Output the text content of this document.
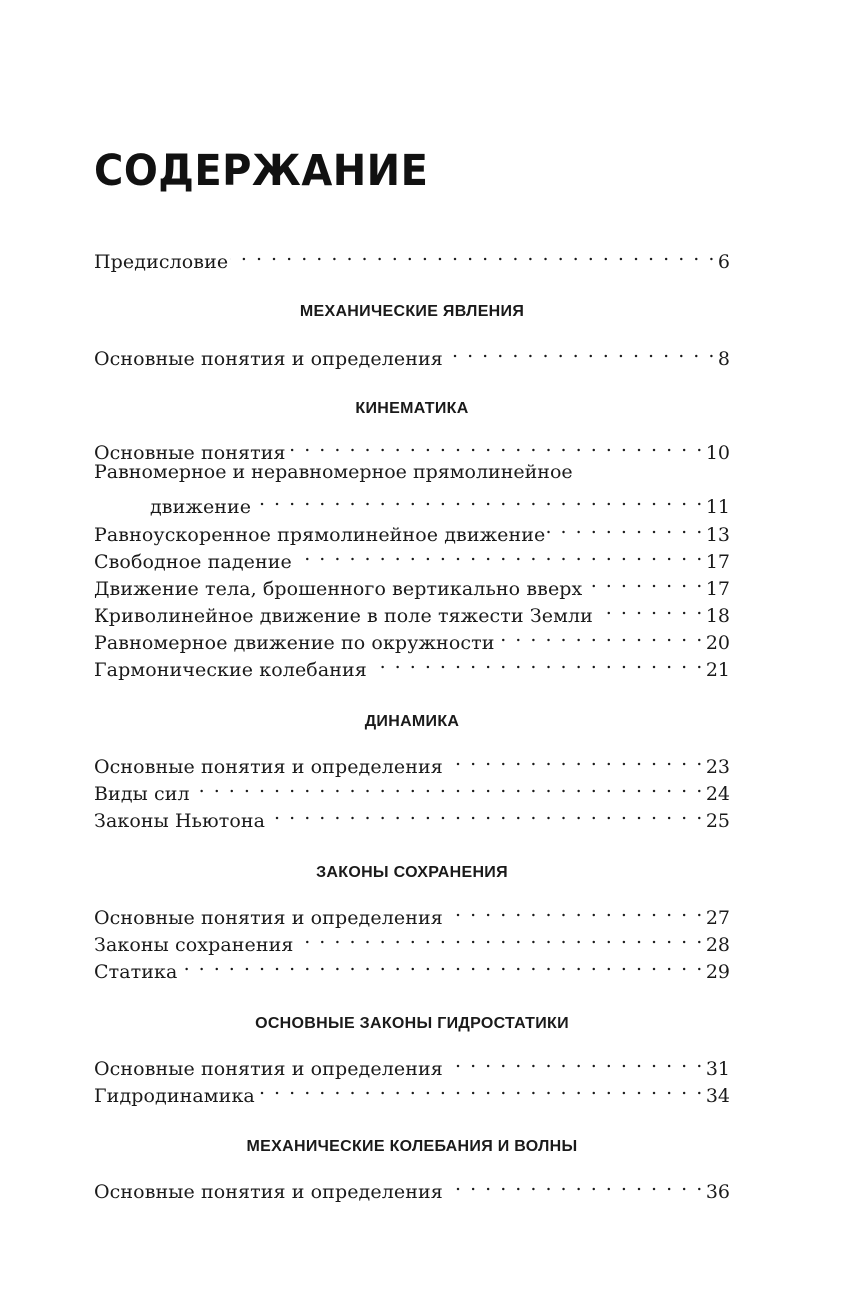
СОДЕРЖАНИЕ
Предисловие . . .	6
МЕХАНИЧЕСКИЕ ЯВЛЕНИЯ
Основные понятия и определения . . .	8
КИНЕМАТИКА
Основные понятия . . .	10
Равномерное и неравномерное прямолинейное
движение . . .	11
Равноускоренное прямолинейное движение . . .	13
Свободное падение . . .	17
Движение тела, брошенного вертикально вверх . . .	17
Криволинейное движение в поле тяжести Земли . . .	18
Равномерное движение по окружности . . .	20
Гармонические колебания . . .	21
ДИНАМИКА
Основные понятия и определения . . .	23
Виды сил . . .	24
Законы Ньютона . . .	25
ЗАКОНЫ СОХРАНЕНИЯ
Основные понятия и определения . . .	27
Законы сохранения . . .	28
Статика . . .	29
ОСНОВНЫЕ ЗАКОНЫ ГИДРОСТАТИКИ
Основные понятия и определения . . .	31
Гидродинамика . . .	34
МЕХАНИЧЕСКИЕ КОЛЕБАНИЯ И ВОЛНЫ
Основные понятия и определения . . .	36
